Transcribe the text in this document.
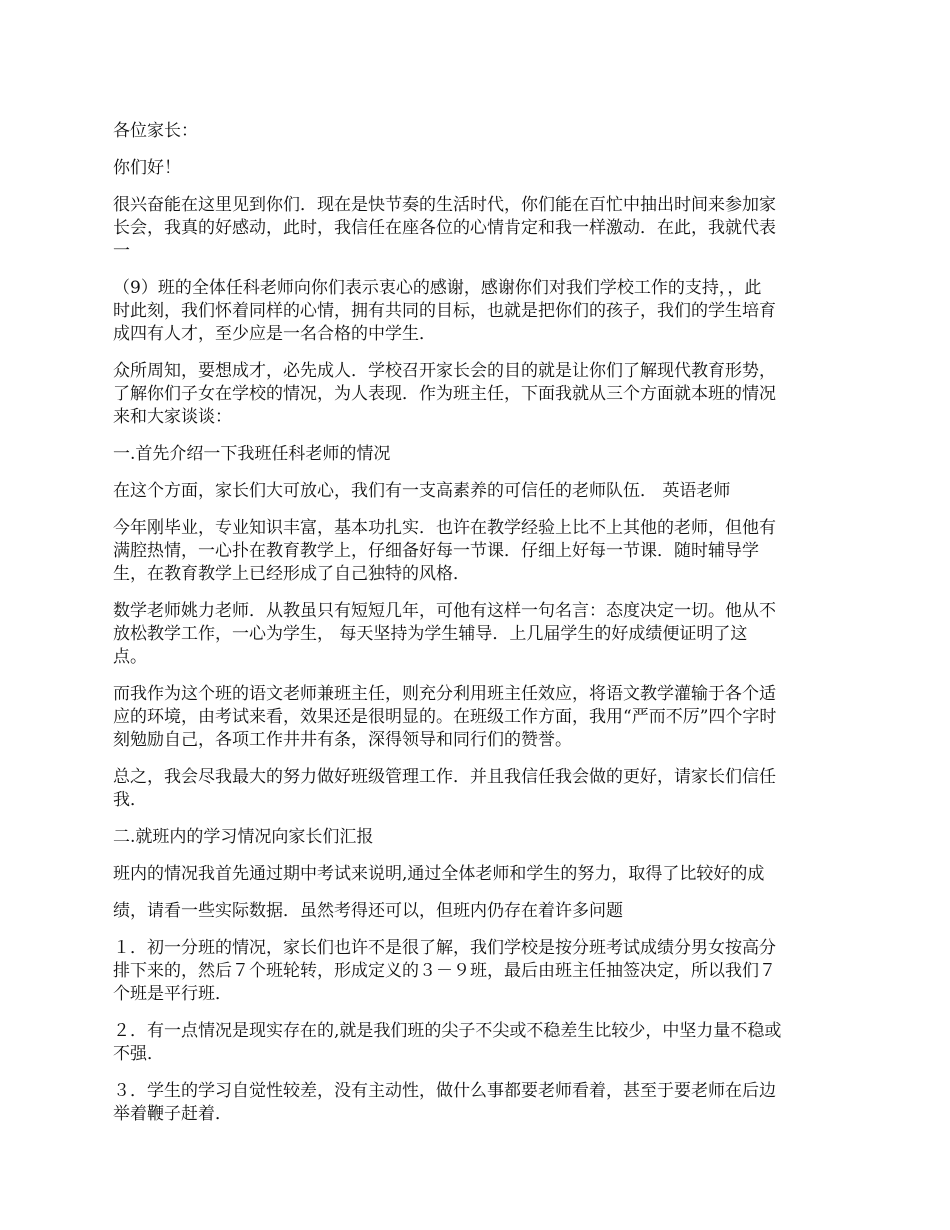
各位家长：

你们好！

很兴奋能在这里见到你们．现在是快节奏的生活时代，你们能在百忙中抽出时间来参加家
长会，我真的好感动，此时，我信任在座各位的心情肯定和我一样激动．在此，我就代表
一

（9）班的全体任科老师向你们表示衷心的感谢，感谢你们对我们学校工作的支持，，此
时此刻，我们怀着同样的心情，拥有共同的目标，也就是把你们的孩子，我们的学生培育
成四有人才，至少应是一名合格的中学生．

众所周知，要想成才，必先成人．学校召开家长会的目的就是让你们了解现代教育形势，
了解你们子女在学校的情况，为人表现．作为班主任，下面我就从三个方面就本班的情况
来和大家谈谈：

一.首先介绍一下我班任科老师的情况

在这个方面，家长们大可放心，我们有一支高素养的可信任的老师队伍． 英语老师

今年刚毕业，专业知识丰富，基本功扎实．也许在教学经验上比不上其他的老师，但他有
满腔热情，一心扑在教育教学上，仔细备好每一节课．仔细上好每一节课．随时辅导学
生，在教育教学上已经形成了自己独特的风格．

数学老师姚力老师．从教虽只有短短几年，可他有这样一句名言：态度决定一切。他从不
放松教学工作，一心为学生， 每天坚持为学生辅导．上几届学生的好成绩便证明了这
点。

而我作为这个班的语文老师兼班主任，则充分利用班主任效应，将语文教学灌输于各个适
应的环境，由考试来看，效果还是很明显的。在班级工作方面，我用“严而不厉”四个字时
刻勉励自己，各项工作井井有条，深得领导和同行们的赞誉。

总之，我会尽我最大的努力做好班级管理工作．并且我信任我会做的更好，请家长们信任
我．

二.就班内的学习情况向家长们汇报

班内的情况我首先通过期中考试来说明,通过全体老师和学生的努力，取得了比较好的成

绩，请看一些实际数据．虽然考得还可以，但班内仍存在着许多问题

１．初一分班的情况，家长们也许不是很了解，我们学校是按分班考试成绩分男女按高分
排下来的，然后７个班轮转，形成定义的３－９班，最后由班主任抽签决定，所以我们７
个班是平行班．

２．有一点情况是现实存在的,就是我们班的尖子不尖或不稳差生比较少，中坚力量不稳或
不强．

３．学生的学习自觉性较差，没有主动性，做什么事都要老师看着，甚至于要老师在后边
举着鞭子赶着．
